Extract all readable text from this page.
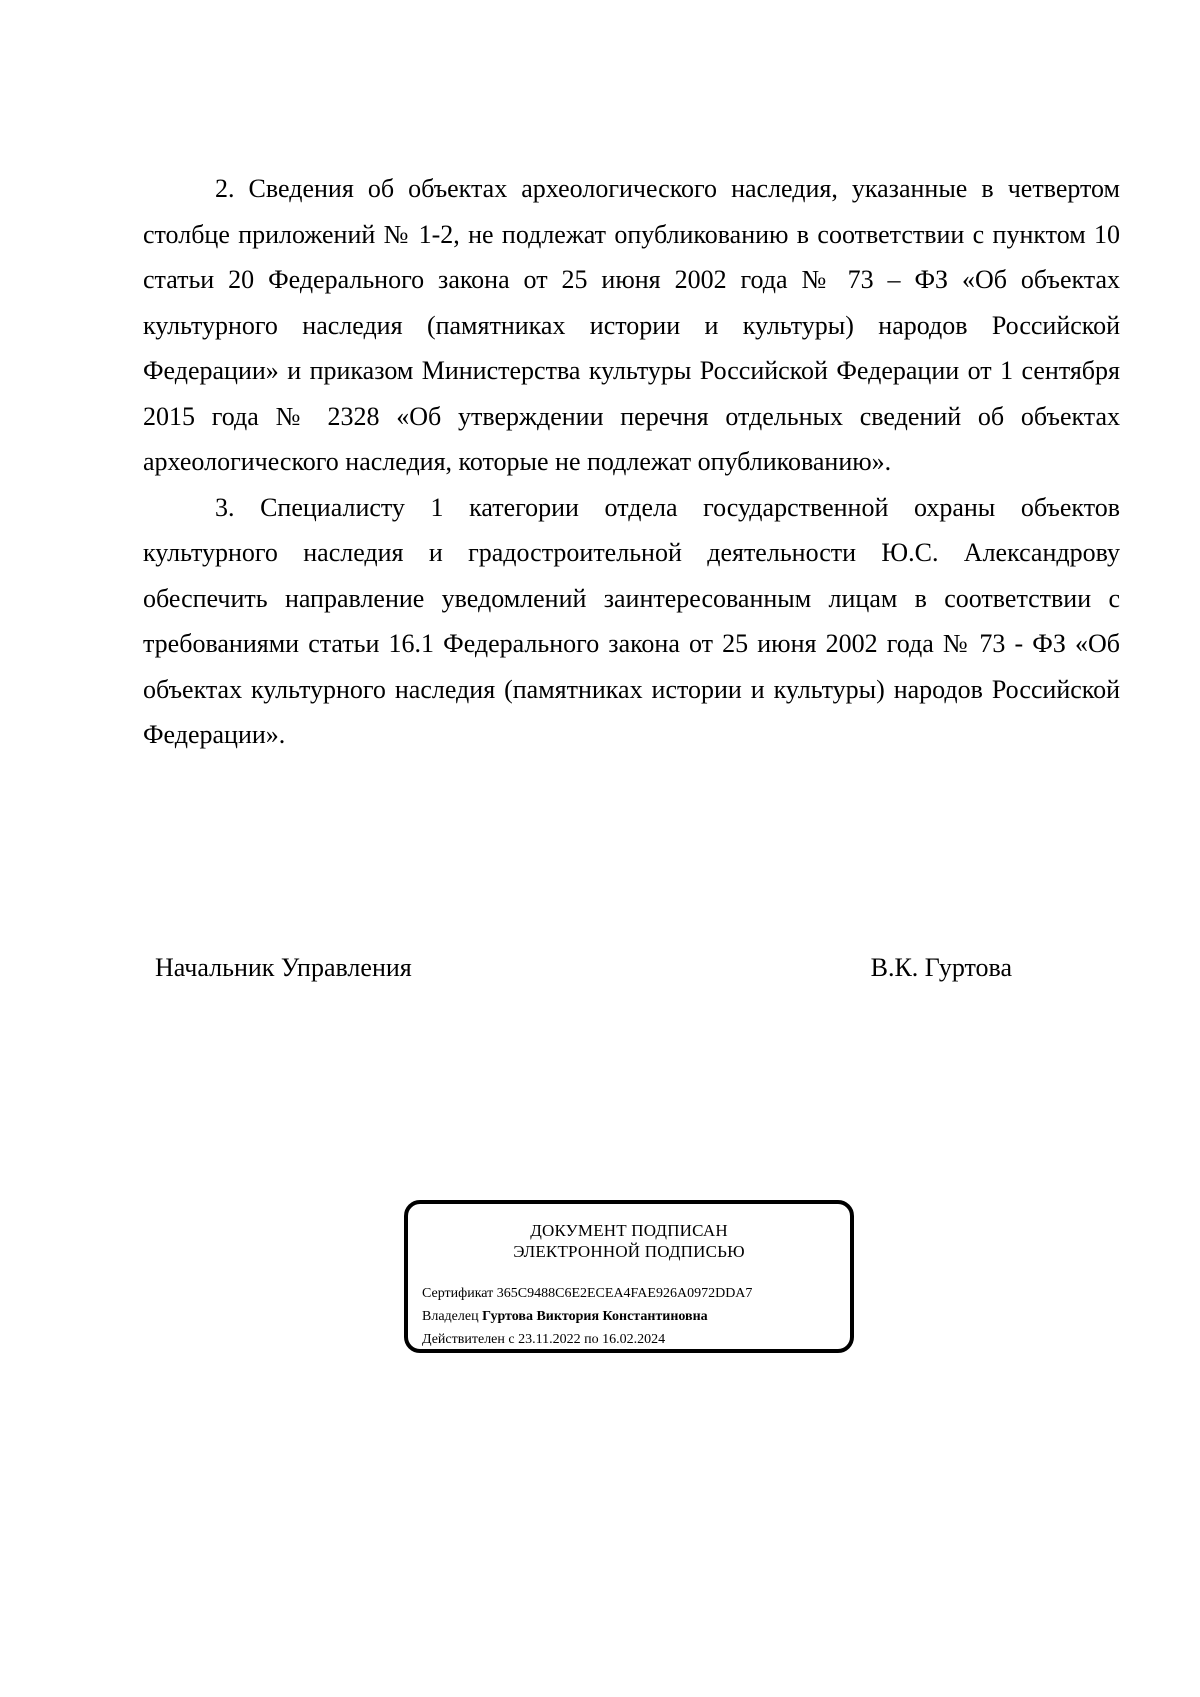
2. Сведения об объектах археологического наследия, указанные в четвертом столбце приложений № 1-2, не подлежат опубликованию в соответствии с пунктом 10 статьи 20 Федерального закона от 25 июня 2002 года № 73 – ФЗ «Об объектах культурного наследия (памятниках истории и культуры) народов Российской Федерации» и приказом Министерства культуры Российской Федерации от 1 сентября 2015 года № 2328 «Об утверждении перечня отдельных сведений об объектах археологического наследия, которые не подлежат опубликованию».

3. Специалисту 1 категории отдела государственной охраны объектов культурного наследия и градостроительной деятельности Ю.С. Александрову обеспечить направление уведомлений заинтересованным лицам в соответствии с требованиями статьи 16.1 Федерального закона от 25 июня 2002 года № 73 - ФЗ «Об объектах культурного наследия (памятниках истории и культуры) народов Российской Федерации».

Начальник Управления	В.К. Гуртова
ДОКУМЕНТ ПОДПИСАН
ЭЛЕКТРОННОЙ ПОДПИСЬЮ
Сертификат 365C9488C6E2ECEA4FAE926A0972DDA7
Владелец Гуртова Виктория Константиновна
Действителен с 23.11.2022 по 16.02.2024
